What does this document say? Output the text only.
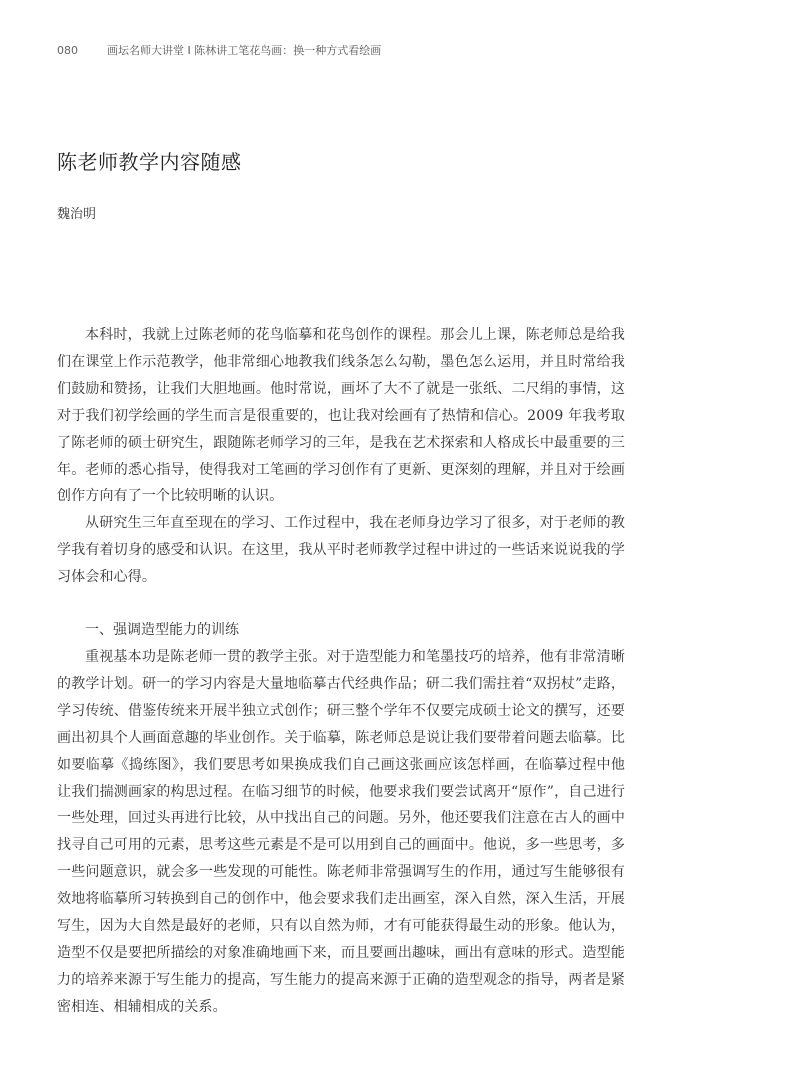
080	画坛名师大讲堂 I 陈林讲工笔花鸟画：换一种方式看绘画
陈老师教学内容随感

魏治明

本科时，我就上过陈老师的花鸟临摹和花鸟创作的课程。那会儿上课，陈老师总是给我们在课堂上作示范教学，他非常细心地教我们线条怎么勾勒，墨色怎么运用，并且时常给我们鼓励和赞扬，让我们大胆地画。他时常说，画坏了大不了就是一张纸、二尺绢的事情，这对于我们初学绘画的学生而言是很重要的，也让我对绘画有了热情和信心。2009 年我考取了陈老师的硕士研究生，跟随陈老师学习的三年，是我在艺术探索和人格成长中最重要的三年。老师的悉心指导，使得我对工笔画的学习创作有了更新、更深刻的理解，并且对于绘画创作方向有了一个比较明晰的认识。

从研究生三年直至现在的学习、工作过程中，我在老师身边学习了很多，对于老师的教学我有着切身的感受和认识。在这里，我从平时老师教学过程中讲过的一些话来说说我的学习体会和心得。

一、强调造型能力的训练

重视基本功是陈老师一贯的教学主张。对于造型能力和笔墨技巧的培养，他有非常清晰的教学计划。研一的学习内容是大量地临摹古代经典作品；研二我们需拄着“双拐杖”走路，学习传统、借鉴传统来开展半独立式创作；研三整个学年不仅要完成硕士论文的撰写，还要画出初具个人画面意趣的毕业创作。关于临摹，陈老师总是说让我们要带着问题去临摹。比如要临摹《捣练图》，我们要思考如果换成我们自己画这张画应该怎样画，在临摹过程中他让我们揣测画家的构思过程。在临习细节的时候，他要求我们要尝试离开“原作”，自己进行一些处理，回过头再进行比较，从中找出自己的问题。另外，他还要我们注意在古人的画中找寻自己可用的元素，思考这些元素是不是可以用到自己的画面中。他说，多一些思考，多一些问题意识，就会多一些发现的可能性。陈老师非常强调写生的作用，通过写生能够很有效地将临摹所习转换到自己的创作中，他会要求我们走出画室，深入自然，深入生活，开展写生，因为大自然是最好的老师，只有以自然为师，才有可能获得最生动的形象。他认为，造型不仅是要把所描绘的对象准确地画下来，而且要画出趣味，画出有意味的形式。造型能力的培养来源于写生能力的提高，写生能力的提高来源于正确的造型观念的指导，两者是紧密相连、相辅相成的关系。
